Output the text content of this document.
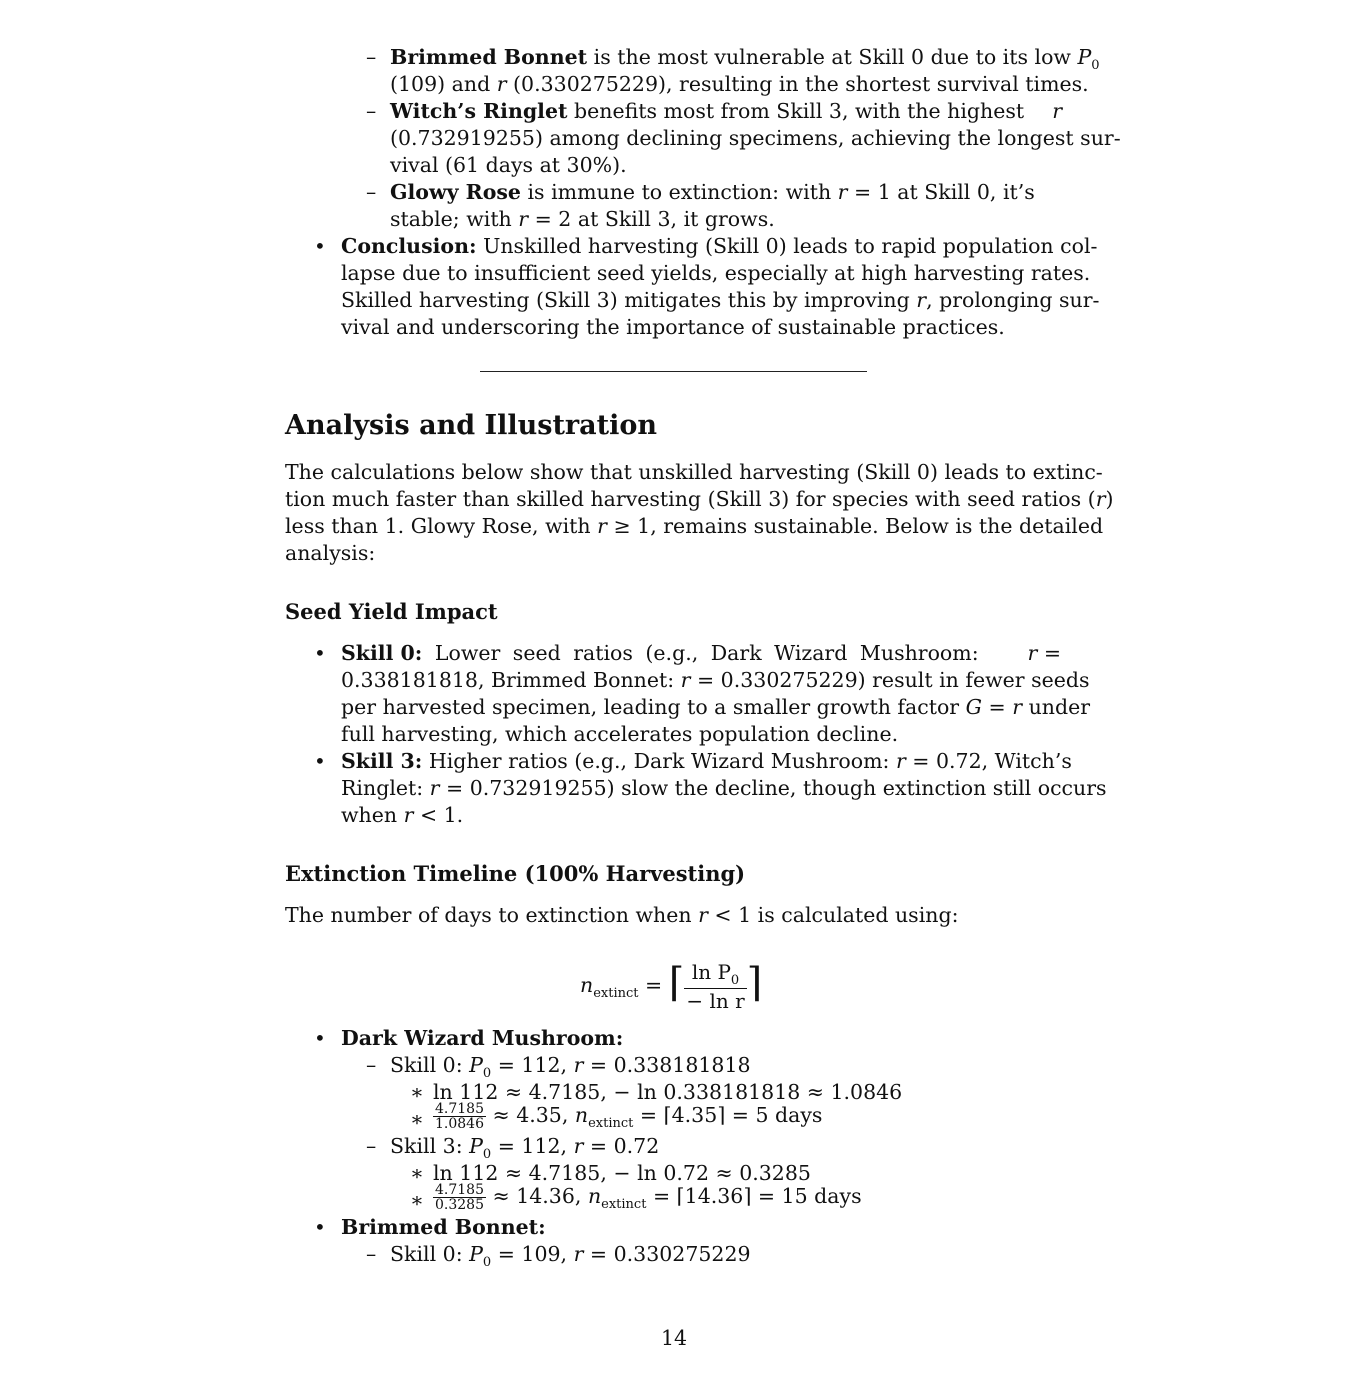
– Brimmed Bonnet is the most vulnerable at Skill 0 due to its low $P_0$
(109) and r (0.330275229), resulting in the shortest survival times.
– Witch’s Ringlet benefits most from Skill 3, with the highest r
(0.732919255) among declining specimens, achieving the longest sur-
vival (61 days at 30%).
– Glowy Rose is immune to extinction: with r = 1 at Skill 0, it’s
stable; with r = 2 at Skill 3, it grows.
• Conclusion: Unskilled harvesting (Skill 0) leads to rapid population col-
lapse due to insufficient seed yields, especially at high harvesting rates.
Skilled harvesting (Skill 3) mitigates this by improving r, prolonging sur-
vival and underscoring the importance of sustainable practices.
Analysis and Illustration
The calculations below show that unskilled harvesting (Skill 0) leads to extinc-
tion much faster than skilled harvesting (Skill 3) for species with seed ratios (r)
less than 1. Glowy Rose, with r ≥ 1, remains sustainable. Below is the detailed
analysis:
Seed Yield Impact
• Skill 0: Lower seed ratios (e.g., Dark Wizard Mushroom: r =
0.338181818, Brimmed Bonnet: r = 0.330275229) result in fewer seeds
per harvested specimen, leading to a smaller growth factor G = r under
full harvesting, which accelerates population decline.
• Skill 3: Higher ratios (e.g., Dark Wizard Mushroom: r = 0.72, Witch’s
Ringlet: r = 0.732919255) slow the decline, though extinction still occurs
when r < 1.
Extinction Timeline (100% Harvesting)
The number of days to extinction when r < 1 is calculated using:
$n_{extinct}$ = ⌈ $\frac{\ln P_0}{\text{− ln r}}$ ⌉
• Dark Wizard Mushroom:
– Skill 0: $P_0 = 112$, r = 0.338181818
∗ ln 112 ≈ 4.7185, − ln 0.338181818 ≈ 1.0846
∗ $\frac{4.7185}{1.0846} \approx 4.35$, $n_{extinct}$ = ⌈4.35⌉ = 5 days
– Skill 3: $P_0 = 112$, r = 0.72
∗ ln 112 ≈ 4.7185, − ln 0.72 ≈ 0.3285
∗ $\frac{4.7185}{0.3285} \approx 14.36$, $n_{extinct}$ = ⌈14.36⌉ = 15 days
• Brimmed Bonnet:
– Skill 0: $P_0 = 109$, r = 0.330275229
14
